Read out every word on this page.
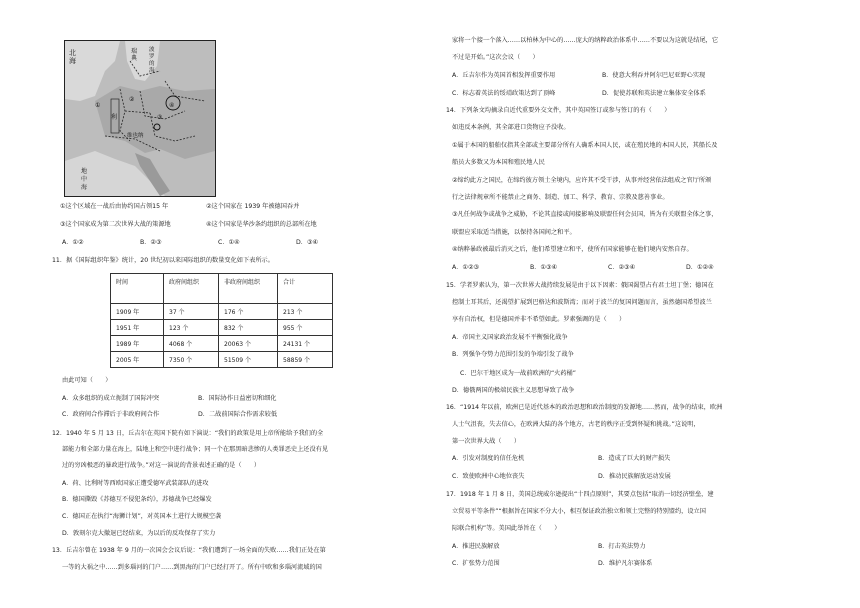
北
海
瑞
典
波
罗
的
海
利
①
②
④
③
维也纳
地
中
海
①这个区域在一战后由协约国占领15 年	②这个国家在 1939 年被德国吞并
③这个国家成为第二次世界大战的策源地	④这个国家是华沙条约组织的总部所在地
A．①②	B．②③	C．①④	D．③④
11．据《国际组织年鉴》统计，20 世纪初以来国际组织的数量变化如下表所示。
时间	政府间组织	非政府间组织	合计
1909 年	37 个	176 个	213 个
1951 年	123 个	832 个	955 个
1989 年	4068 个	20063 个	24131 个
2005 年	7350 个	51509 个	58859 个
由此可知（　　）
A．众多组织的成立扼制了国际冲突	B．国际协作日益密切和细化
C．政府间合作滞后于非政府间合作	D．二战前国际合作需求较低
12．1940 年 5 月 13 日，丘吉尔在英国下院有如下演说：“我们的政策是用上帝所能给予我们的全
部能力和全部力量在海上，陆地上和空中进行战争；同一个在那黑暗悲惨的人类罪恶史上还没有见
过的穷凶极恶的暴政进行战争。”对这一演说的背景表述正确的是（　　）
A．荷、比利时等西欧国家正遭受德军武装部队的进攻
B．德国撕毁《苏德互不侵犯条约》，苏德战争已经爆发
C．德国正在执行“海狮计划”，对英国本土进行大规模空袭
D．敦刻尔克大撤退已经结束，为以后的反攻保存了实力
13．丘吉尔曾在 1938 年 9 月的一次国会会议后说：“我们遭到了一场全面的失败……我们正处在第
一等的大祸之中……到多瑙河的门户……到黑海的门户已经打开了。所有中欧和多瑙河流域的国
家将一个接一个落入……以柏林为中心的……庞大的纳粹政治体系中……不要以为这就是结尾，它
不过是开始。”这次会议（　　）
A．丘吉尔作为英国首相发挥重要作用	B．使意大利吞并阿尔巴尼亚野心实现
C．标志着英法的绥靖政策达到了顶峰	D．促使苏联和英法建立集体安全体系
14．下列条文均摘录自近代重要外交文件，其中英国签订或参与签订的有（　　）
如违反本条例，其全部进口货物应予没收。
①属于本国的船舶仅指其全部或主要部分所有人确系本国人民，或在殖民地的本国人民，其船长及
船员大多数又为本国和殖民地人民
②缔约此方之国民，在缔约彼方领土全境内，应许其不受干涉，从事并经营依法组成之官厅所颁
行之法律规章所不能禁止之商务、制造、加工、科学、教育、宗教及慈善事业。
③凡任何战争或战争之威胁，不论其直接或间接影响及联盟任何会员国，皆为有关联盟全体之事，
联盟应采取适当措施，以保持各国间之和平。
④纳粹暴政被最后消灭之后，他们希望建立和平，使所有国家能够在他们境内安然自存。
A．①②③	B．①③④	C．②③④	D．①②④
15．学者罗素认为，第一次世界大战持续发展是由于以下因素：俄国渴望占有君士坦丁堡；德国在
控制土耳其后，还渴望扩展到巴格达和波斯湾；而对于波兰的复国问题而言，虽然德国希望波兰
享有自治权，但是德国并非不希望如此。罗素强调的是（　　）
A．帝国主义国家政治发展不平衡强化战争
B．列强争夺势力范围引发的争端引发了战争
C．巴尔干地区成为一战前欧洲的“火药桶”
D．德俄两国的极端民族主义思想导致了战争
16．“1914 年以前，欧洲已是近代基本的政治思想和政治制度的发源地……然而，战争的结束，欧洲
人士气沮丧，失去信心，在欧洲大陆的各个地方，古老的秩序正受到怀疑和挑战。”这说明，
第一次世界大战（　　）
A．引发对制度的信任危机	B．造成了巨大的财产损失
C．致使欧洲中心地位丧失	D．推动民族解放运动发展
17．1918 年 1 月 8 日，美国总统威尔逊提出“十四点原则”，其要点包括“取消一切经济壁垒，建
立贸易平等条件”“根据旨在国家不分大小，相互保证政治独立和领土完整的特别盟约，设立国
际联合机构”等。美国此举旨在（　　）
A．推进民族解放	B．打击英法势力
C．扩张势力范围	D．维护凡尔赛体系
